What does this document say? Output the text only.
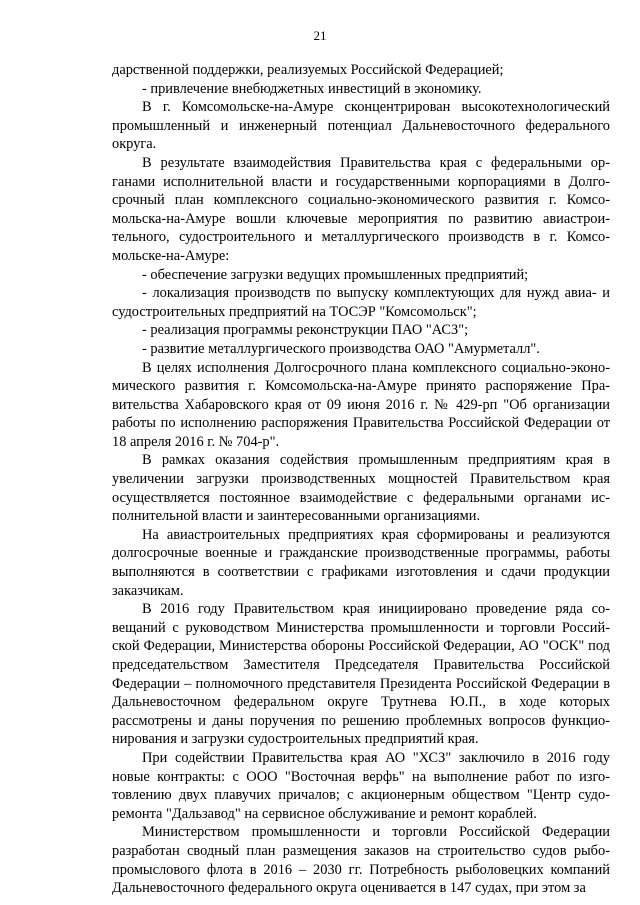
21

дарственной поддержки, реализуемых Российской Федерацией;

- привлечение внебюджетных инвестиций в экономику.

В г. Комсомольске-на-Амуре сконцентрирован высокотехнологический промышленный и инженерный потенциал Дальневосточного федерального округа.

В результате взаимодействия Правительства края с федеральными органами исполнительной власти и государственными корпорациями в Долгосрочный план комплексного социально-экономического развития г. Комсомольска-на-Амуре вошли ключевые мероприятия по развитию авиастроительного, судостроительного и металлургического производств в г. Комсомольске-на-Амуре:

- обеспечение загрузки ведущих промышленных предприятий;

- локализация производств по выпуску комплектующих для нужд авиа- и судостроительных предприятий на ТОСЭР "Комсомольск";

- реализация программы реконструкции ПАО "АСЗ";

- развитие металлургического производства ОАО "Амурметалл".

В целях исполнения Долгосрочного плана комплексного социально-экономического развития г. Комсомольска-на-Амуре принято распоряжение Правительства Хабаровского края от 09 июня 2016 г. № 429-рп "Об организации работы по исполнению распоряжения Правительства Российской Федерации от 18 апреля 2016 г. № 704-р".

В рамках оказания содействия промышленным предприятиям края в увеличении загрузки производственных мощностей Правительством края осуществляется постоянное взаимодействие с федеральными органами исполнительной власти и заинтересованными организациями.

На авиастроительных предприятиях края сформированы и реализуются долгосрочные военные и гражданские производственные программы, работы выполняются в соответствии с графиками изготовления и сдачи продукции заказчикам.

В 2016 году Правительством края инициировано проведение ряда совещаний с руководством Министерства промышленности и торговли Российской Федерации, Министерства обороны Российской Федерации, АО "ОСК" под председательством Заместителя Председателя Правительства Российской Федерации – полномочного представителя Президента Российской Федерации в Дальневосточном федеральном округе Трутнева Ю.П., в ходе которых рассмотрены и даны поручения по решению проблемных вопросов функционирования и загрузки судостроительных предприятий края.

При содействии Правительства края АО "ХСЗ" заключило в 2016 году новые контракты: с ООО "Восточная верфь" на выполнение работ по изготовлению двух плавучих причалов; с акционерным обществом "Центр судоремонта "Дальзавод" на сервисное обслуживание и ремонт кораблей.

Министерством промышленности и торговли Российской Федерации разработан сводный план размещения заказов на строительство судов рыбопромыслового флота в 2016 – 2030 гг. Потребность рыболовецких компаний Дальневосточного федерального округа оценивается в 147 судах, при этом за
